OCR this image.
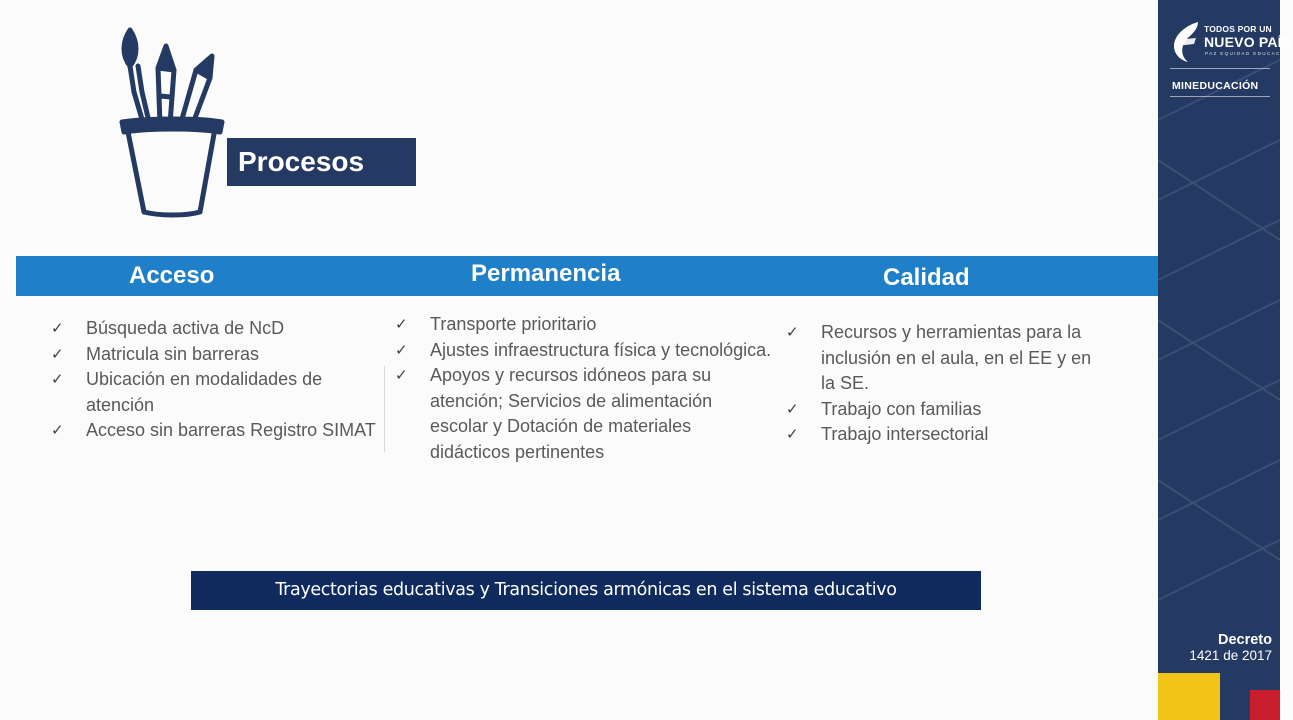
Procesos
Acceso	Permanencia	Calidad
✓	Búsqueda activa de NcD
✓	Matricula sin barreras
✓	Ubicación en modalidades de atención
✓	Acceso sin barreras Registro SIMAT
✓	Transporte prioritario
✓	Ajustes infraestructura física y tecnológica.
✓	Apoyos y recursos idóneos para su atención; Servicios de alimentación escolar y Dotación de materiales didácticos pertinentes
✓	Recursos y herramientas para la inclusión en el aula, en el EE y en la SE.
✓	Trabajo con familias
✓	Trabajo intersectorial
Trayectorias educativas y Transiciones armónicas en el sistema educativo
TODOS POR UN
NUEVO PAÍS
PAZ EQUIDAD EDUCACIÓN
MINEDUCACIÓN
Decreto
1421 de 2017
